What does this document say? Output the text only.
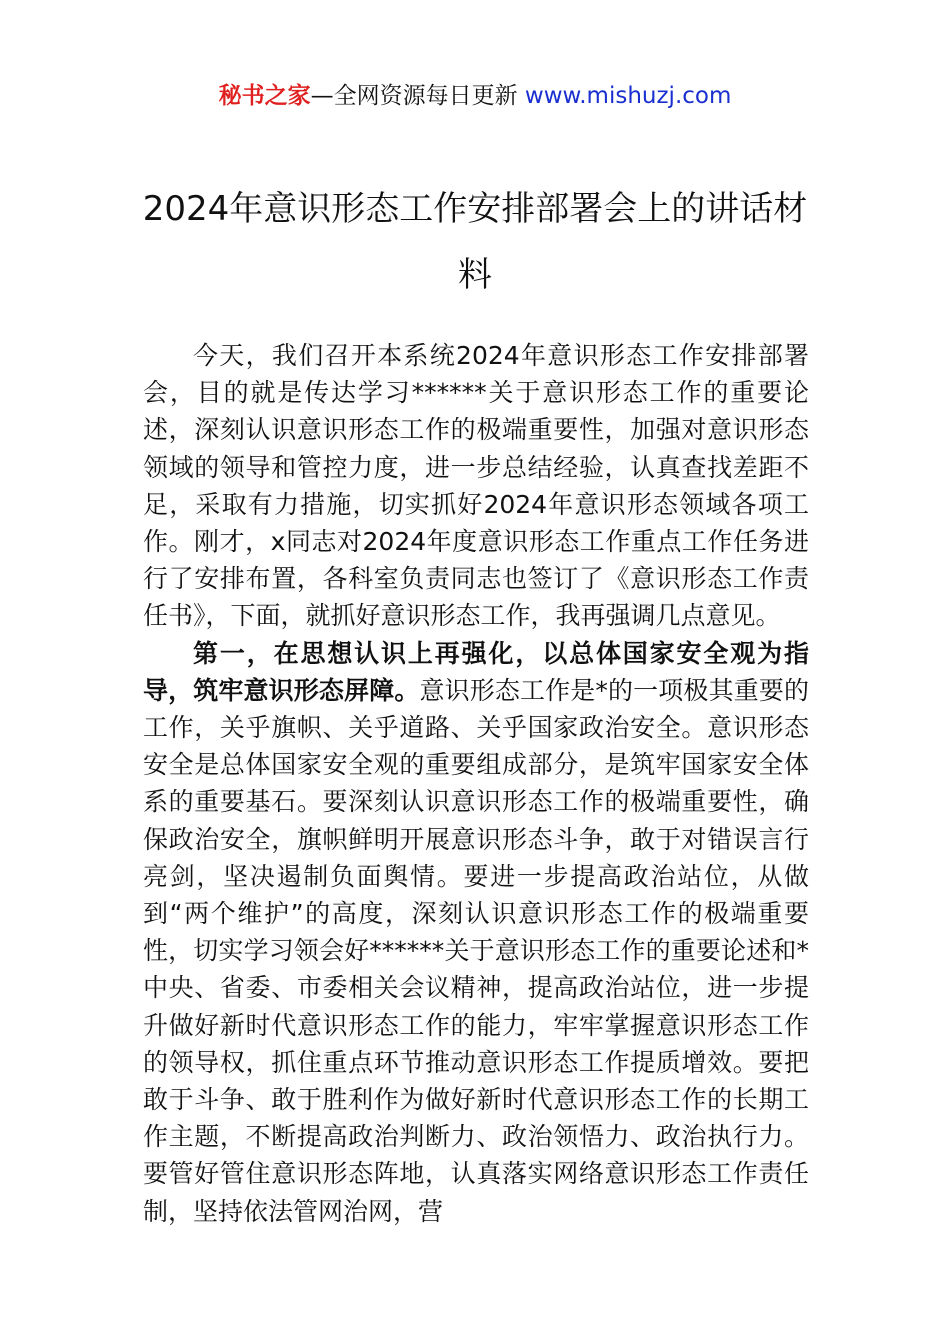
秘书之家—全网资源每日更新 www.mishuzj.com
2024年意识形态工作安排部署会上的讲话材料

今天，我们召开本系统2024年意识形态工作安排部署会，目的就是传达学习******关于意识形态工作的重要论述，深刻认识意识形态工作的极端重要性，加强对意识形态领域的领导和管控力度，进一步总结经验，认真查找差距不足，采取有力措施，切实抓好2024年意识形态领域各项工作。刚才，x同志对2024年度意识形态工作重点工作任务进行了安排布置，各科室负责同志也签订了《意识形态工作责任书》，下面，就抓好意识形态工作，我再强调几点意见。

第一，在思想认识上再强化，以总体国家安全观为指导，筑牢意识形态屏障。意识形态工作是*的一项极其重要的工作，关乎旗帜、关乎道路、关乎国家政治安全。意识形态安全是总体国家安全观的重要组成部分，是筑牢国家安全体系的重要基石。要深刻认识意识形态工作的极端重要性，确保政治安全，旗帜鲜明开展意识形态斗争，敢于对错误言行亮剑，坚决遏制负面舆情。要进一步提高政治站位，从做到“两个维护”的高度，深刻认识意识形态工作的极端重要性，切实学习领会好******关于意识形态工作的重要论述和*中央、省委、市委相关会议精神，提高政治站位，进一步提升做好新时代意识形态工作的能力，牢牢掌握意识形态工作的领导权，抓住重点环节推动意识形态工作提质增效。要把敢于斗争、敢于胜利作为做好新时代意识形态工作的长期工作主题，不断提高政治判断力、政治领悟力、政治执行力。要管好管住意识形态阵地，认真落实网络意识形态工作责任制，坚持依法管网治网，营
